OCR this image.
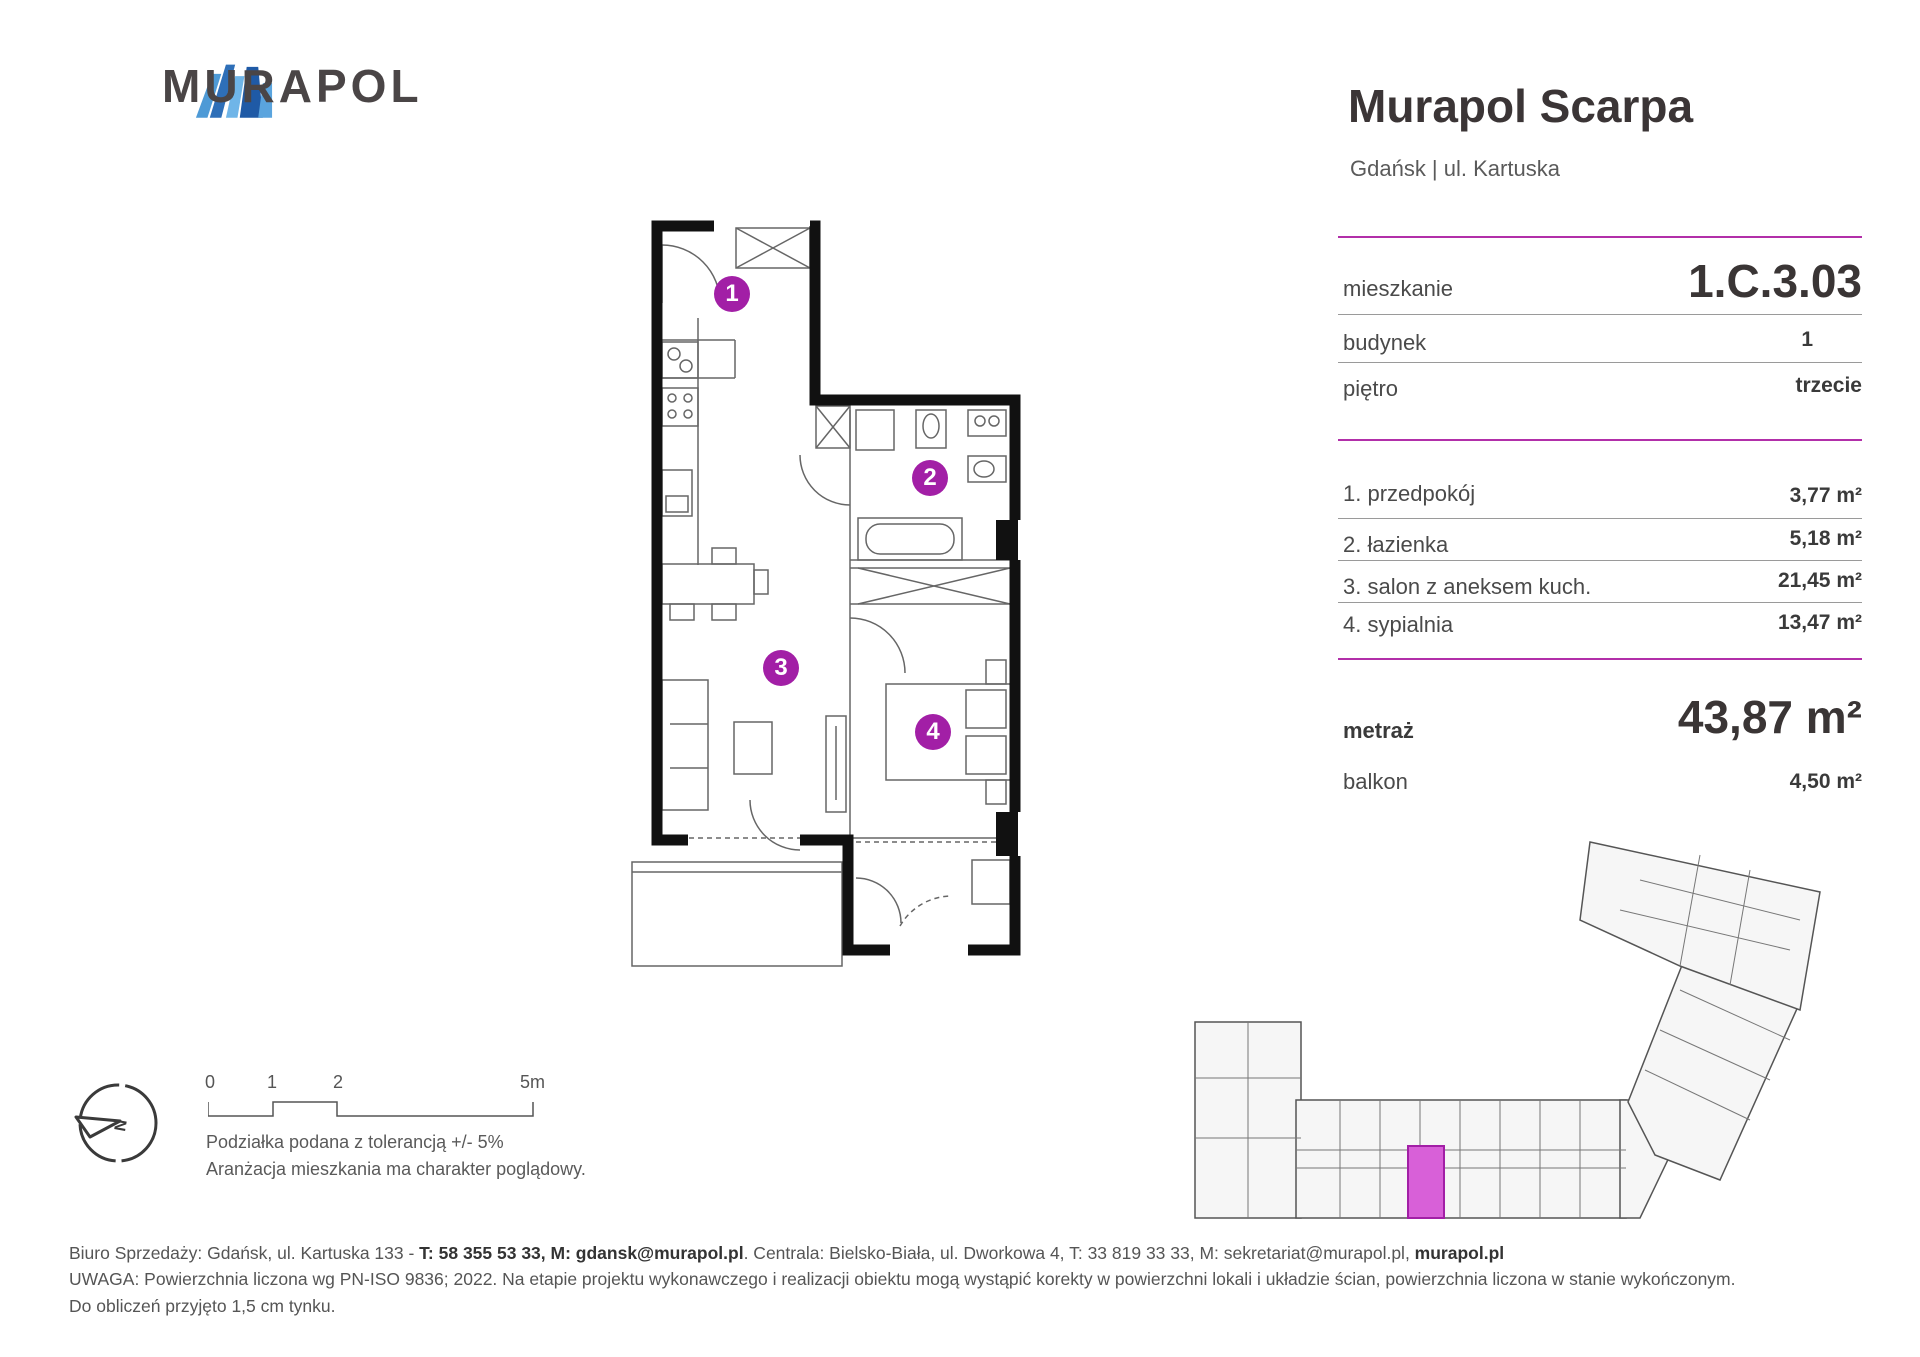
MURAPOL	Murapol Scarpa
Gdańsk | ul. Kartuska
mieszkanie	1.C.3.03
budynek	1
piętro	trzecie
1. przedpokój	3,77 m²
2. łazienka	5,18 m²
3. salon z aneksem kuch.	21,45 m²
4. sypialnia	13,47 m²
metraż	43,87 m²
balkon	4,50 m²
1
2
3
4
N
0	1	2	5m
Podziałka podana z tolerancją +/- 5%
Aranżacja mieszkania ma charakter poglądowy.
Biuro Sprzedaży: Gdańsk, ul. Kartuska 133 - T: 58 355 53 33, M: gdansk@murapol.pl. Centrala: Bielsko-Biała, ul. Dworkowa 4, T: 33 819 33 33, M: sekretariat@murapol.pl, murapol.pl
UWAGA: Powierzchnia liczona wg PN-ISO 9836; 2022. Na etapie projektu wykonawczego i realizacji obiektu mogą wystąpić korekty w powierzchni lokali i układzie ścian, powierzchnia liczona w stanie wykończonym.
Do obliczeń przyjęto 1,5 cm tynku.
